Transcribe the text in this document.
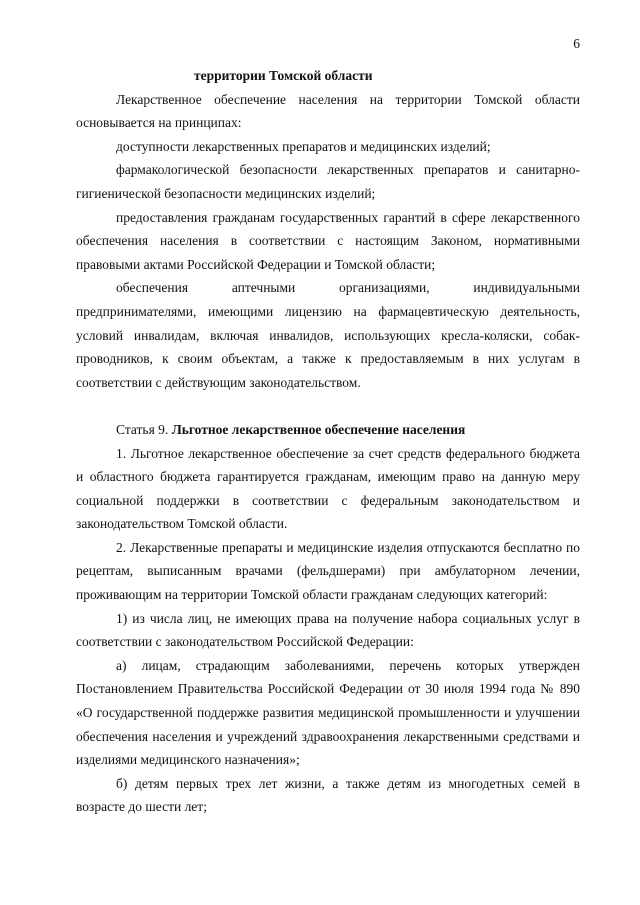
6

территории Томской области

Лекарственное обеспечение населения на территории Томской области основывается на принципах:

доступности лекарственных препаратов и медицинских изделий;

фармакологической безопасности лекарственных препаратов и санитарно-гигиенической безопасности медицинских изделий;

предоставления гражданам государственных гарантий в сфере лекарственного обеспечения населения в соответствии с настоящим Законом, нормативными правовыми актами Российской Федерации и Томской области;

обеспечения аптечными организациями, индивидуальными предпринимателями, имеющими лицензию на фармацевтическую деятельность, условий инвалидам, включая инвалидов, использующих кресла-коляски, собак-проводников, к своим объектам, а также к предоставляемым в них услугам в соответствии с действующим законодательством.

Статья 9. Льготное лекарственное обеспечение населения

1. Льготное лекарственное обеспечение за счет средств федерального бюджета и областного бюджета гарантируется гражданам, имеющим право на данную меру социальной поддержки в соответствии с федеральным законодательством и законодательством Томской области.

2. Лекарственные препараты и медицинские изделия отпускаются бесплатно по рецептам, выписанным врачами (фельдшерами) при амбулаторном лечении, проживающим на территории Томской области гражданам следующих категорий:

1) из числа лиц, не имеющих права на получение набора социальных услуг в соответствии с законодательством Российской Федерации:

а) лицам, страдающим заболеваниями, перечень которых утвержден Постановлением Правительства Российской Федерации от 30 июля 1994 года № 890 «О государственной поддержке развития медицинской промышленности и улучшении обеспечения населения и учреждений здравоохранения лекарственными средствами и изделиями медицинского назначения»;

б) детям первых трех лет жизни, а также детям из многодетных семей в возрасте до шести лет;
